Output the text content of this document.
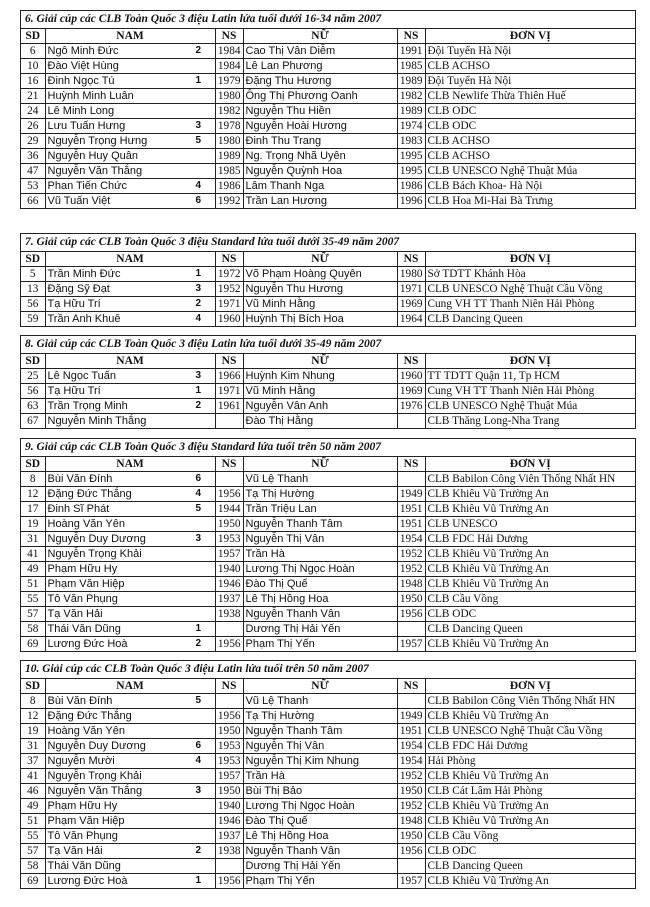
6. Giải cúp các CLB Toàn Quốc 3 điệu Latin lứa tuổi dưới 16-34 năm 2007
SD	NAM	NS	NỮ	NS	ĐƠN VỊ
6	Ngô Minh Đức 2	1984	Cao Thị Vân Diễm	1991	Đội Tuyển Hà Nội
10	Đào Việt Hùng	1984	Lê Lan Phương	1985	CLB ACHSO
16	Đinh Ngọc Tú 1	1979	Đặng Thu Hương	1989	Đội Tuyển Hà Nội
21	Huỳnh Minh Luân	1980	Ông Thị Phương Oanh	1982	CLB Newlife Thừa Thiên Huế
24	Lê Minh Long	1982	Nguyễn Thu Hiền	1989	CLB ODC
26	Lưu Tuấn Hưng 3	1978	Nguyễn Hoài Hương	1974	CLB ODC
29	Nguyễn Trọng Hưng 5	1980	Đinh Thu Trang	1983	CLB ACHSO
36	Nguyễn Huy Quân	1989	Ng. Trọng Nhã Uyên	1995	CLB ACHSO
47	Nguyễn Văn Thắng	1985	Nguyễn Quỳnh Hoa	1995	CLB UNESCO Nghệ Thuật Múa
53	Phan Tiến Chức 4	1986	Lâm Thanh Nga	1986	CLB Bách Khoa- Hà Nội
66	Vũ Tuấn Việt 6	1992	Trần Lan Hương	1996	CLB Hoa Mi-Hai Bà Trưng
7. Giải cúp các CLB Toàn Quốc 3 điệu Standard lứa tuổi dưới 35-49 năm 2007
SD	NAM	NS	NỮ	NS	ĐƠN VỊ
5	Trần Minh Đức 1	1972	Võ Phạm Hoàng Quyên	1980	Sở TDTT Khánh Hòa
13	Đặng Sỹ Đạt 3	1952	Nguyễn Thu Hương	1971	CLB UNESCO Nghệ Thuật Cầu Vồng
56	Tạ Hữu Trí 2	1971	Vũ Minh Hằng	1969	Cung VH TT Thanh Niên Hải Phòng
59	Trần Anh Khuê 4	1960	Huỳnh Thị Bích Hoa	1964	CLB Dancing Queen
8. Giải cúp các CLB Toàn Quốc 3 điệu Latin lứa tuổi dưới 35-49 năm 2007
SD	NAM	NS	NỮ	NS	ĐƠN VỊ
25	Lê Ngọc Tuấn 3	1966	Huỳnh Kim Nhung	1960	TT TDTT Quận 11, Tp HCM
56	Tạ Hữu Trí 1	1971	Vũ Minh Hằng	1969	Cung VH TT Thanh Niên Hải Phòng
63	Trần Trọng Minh 2	1961	Nguyễn Vân Anh	1976	CLB UNESCO Nghệ Thuật Múa
67	Nguyễn Minh Thắng		Đào Thị Hằng		CLB Thăng Long-Nha Trang
9. Giải cúp các CLB Toàn Quốc 3 điệu Standard lứa tuổi trên 50 năm 2007
SD	NAM	NS	NỮ	NS	ĐƠN VỊ
8	Bùi Văn Đính 6		Vũ Lệ Thanh		CLB Babilon Công Viên Thống Nhất HN
12	Đặng Đức Thắng 4	1956	Tạ Thị Hường	1949	CLB Khiêu Vũ Trường An
17	Đinh Sĩ Phát 5	1944	Trần Triệu Lan	1951	CLB Khiêu Vũ Trường An
19	Hoàng Văn Yên	1950	Nguyễn Thanh Tâm	1951	CLB UNESCO
31	Nguyễn Duy Dương 3	1953	Nguyễn Thị Vân	1954	CLB FDC Hải Dương
41	Nguyễn Trọng Khải	1957	Trần Hà	1952	CLB Khiêu Vũ Trường An
49	Phạm Hữu Hy	1940	Lương Thị Ngọc Hoàn	1952	CLB Khiêu Vũ Trường An
51	Phạm Văn Hiệp	1946	Đào Thị Quế	1948	CLB Khiêu Vũ Trường An
55	Tô Văn Phụng	1937	Lê Thị Hồng Hoa	1950	CLB Cầu Vồng
57	Tạ Văn Hải	1938	Nguyễn Thanh Vân	1956	CLB ODC
58	Thái Văn Dũng 1		Dương Thị Hải Yến		CLB Dancing Queen
69	Lương Đức Hoà 2	1956	Phạm Thị Yến	1957	CLB Khiêu Vũ Trường An
10. Giải cúp các CLB Toàn Quốc 3 điệu Latin lứa tuổi trên 50 năm 2007
SD	NAM	NS	NỮ	NS	ĐƠN VỊ
8	Bùi Văn Đính 5		Vũ Lệ Thanh		CLB Babilon Công Viên Thống Nhất HN
12	Đặng Đức Thắng	1956	Tạ Thị Hường	1949	CLB Khiêu Vũ Trường An
19	Hoàng Văn Yên	1950	Nguyễn Thanh Tâm	1951	CLB UNESCO Nghệ Thuật Cầu Vồng
31	Nguyễn Duy Dương 6	1953	Nguyễn Thị Vân	1954	CLB FDC Hải Dương
37	Nguyễn Mười 4	1953	Nguyễn Thị Kim Nhung	1954	Hải Phòng
41	Nguyễn Trọng Khải	1957	Trần Hà	1952	CLB Khiêu Vũ Trường An
46	Nguyễn Văn Thắng 3	1950	Bùi Thị Bảo	1950	CLB Cát Lâm Hải Phòng
49	Phạm Hữu Hy	1940	Lương Thị Ngọc Hoàn	1952	CLB Khiêu Vũ Trường An
51	Phạm Văn Hiệp	1946	Đào Thị Quế	1948	CLB Khiêu Vũ Trường An
55	Tô Văn Phụng	1937	Lê Thị Hồng Hoa	1950	CLB Cầu Vồng
57	Tạ Văn Hải 2	1938	Nguyễn Thanh Vân	1956	CLB ODC
58	Thái Văn Dũng		Dương Thị Hải Yến		CLB Dancing Queen
69	Lương Đức Hoà 1	1956	Phạm Thị Yến	1957	CLB Khiêu Vũ Trường An
